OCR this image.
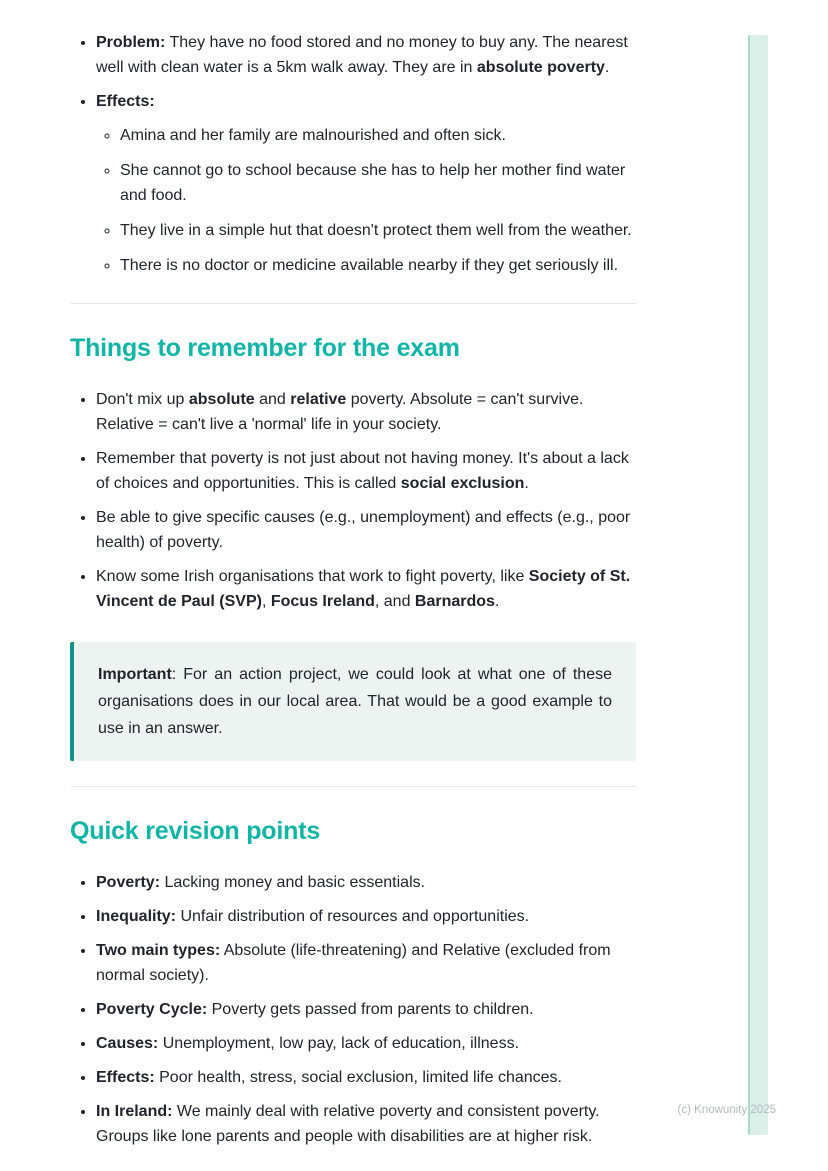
• Problem: They have no food stored and no money to buy any. The nearest well with clean water is a 5km walk away. They are in absolute poverty.
• Effects:
◦ Amina and her family are malnourished and often sick.
◦ She cannot go to school because she has to help her mother find water and food.
◦ They live in a simple hut that doesn't protect them well from the weather.
◦ There is no doctor or medicine available nearby if they get seriously ill.
Things to remember for the exam
• Don't mix up absolute and relative poverty. Absolute = can't survive. Relative = can't live a 'normal' life in your society.
• Remember that poverty is not just about not having money. It's about a lack of choices and opportunities. This is called social exclusion.
• Be able to give specific causes (e.g., unemployment) and effects (e.g., poor health) of poverty.
• Know some Irish organisations that work to fight poverty, like Society of St. Vincent de Paul (SVP), Focus Ireland, and Barnardos.

Important: For an action project, we could look at what one of these organisations does in our local area. That would be a good example to use in an answer.

Quick revision points
• Poverty: Lacking money and basic essentials.
• Inequality: Unfair distribution of resources and opportunities.
• Two main types: Absolute (life-threatening) and Relative (excluded from normal society).
• Poverty Cycle: Poverty gets passed from parents to children.
• Causes: Unemployment, low pay, lack of education, illness.
• Effects: Poor health, stress, social exclusion, limited life chances.
• In Ireland: We mainly deal with relative poverty and consistent poverty. Groups like lone parents and people with disabilities are at higher risk.
(c) Knowunity 2025
